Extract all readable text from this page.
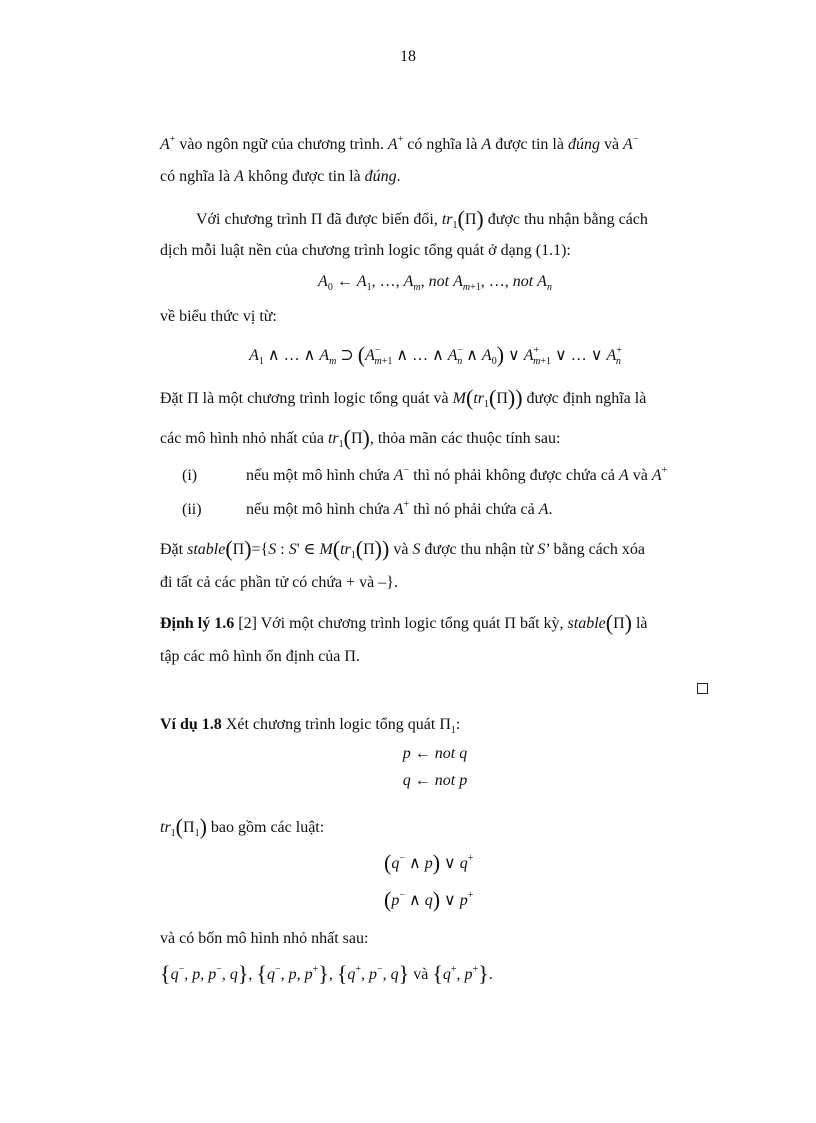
18
A+ vào ngôn ngữ của chương trình. A+ có nghĩa là A được tin là đúng và A−
có nghĩa là A không được tin là đúng.
Với chương trình Π đã được biến đổi, $tr_1(\Pi)$ được thu nhận bằng cách
dịch mỗi luật nền của chương trình logic tổng quát ở dạng (1.1):
$A_0$ ← $A_1$, …, $A_m$, not $A_{m+1}$, …, not $A_n$
về biểu thức vị từ:
$A_1$ ∧ … ∧ $A_m$ ⊃ ($A^-_{m+1}$ ∧ … ∧ $A^-_n$ ∧ $A_0$) ∨ $A^+_{m+1}$ ∨ … ∨ $A^+_n$
Đặt Π là một chương trình logic tổng quát và $M(tr_1(\Pi))$ được định nghĩa là
các mô hình nhỏ nhất của $tr_1(\Pi)$, thỏa mãn các thuộc tính sau:
(i)	nếu một mô hình chứa A− thì nó phải không được chứa cả A và A+
(ii)	nếu một mô hình chứa A+ thì nó phải chứa cả A.
Đặt stable(Π)={S : S' ∈ $M(tr_1(\Pi))$ và S được thu nhận từ S’ bằng cách xóa
đi tất cả các phần tử có chứa + và –}.
Định lý 1.6 [2] Với một chương trình logic tổng quát Π bất kỳ, stable(Π) là
tập các mô hình ổn định của Π.
Ví dụ 1.8 Xét chương trình logic tổng quát $\Pi_1$:
p ← not q
q ← not p
$tr_1(\Pi_1)$ bao gồm các luật:
(q− ∧ p) ∨ q+
(p− ∧ q) ∨ p+
và có bốn mô hình nhỏ nhất sau:
{q−, p, p−, q}, {q−, p, p+}, {q+, p−, q} và {q+, p+}.
